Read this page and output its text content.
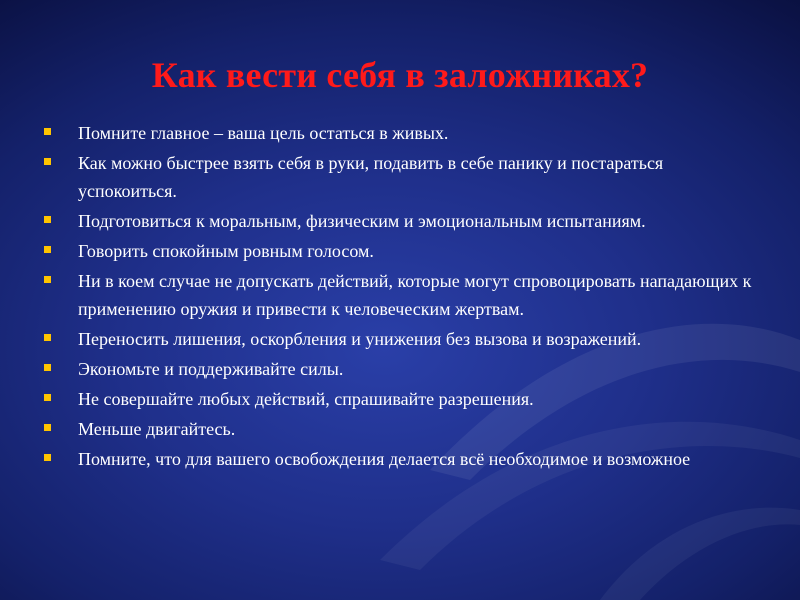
Как вести себя в заложниках?
Помните главное – ваша цель остаться в живых.
Как можно быстрее взять себя в руки, подавить в себе панику и постараться успокоиться.
Подготовиться к моральным, физическим и эмоциональным испытаниям.
Говорить спокойным ровным голосом.
Ни в коем случае не допускать действий, которые могут спровоцировать нападающих к применению оружия и привести к человеческим жертвам.
Переносить лишения, оскорбления и унижения без вызова и возражений.
Экономьте и поддерживайте силы.
Не совершайте любых действий, спрашивайте разрешения.
Меньше двигайтесь.
Помните, что для вашего освобождения делается всё необходимое и возможное
